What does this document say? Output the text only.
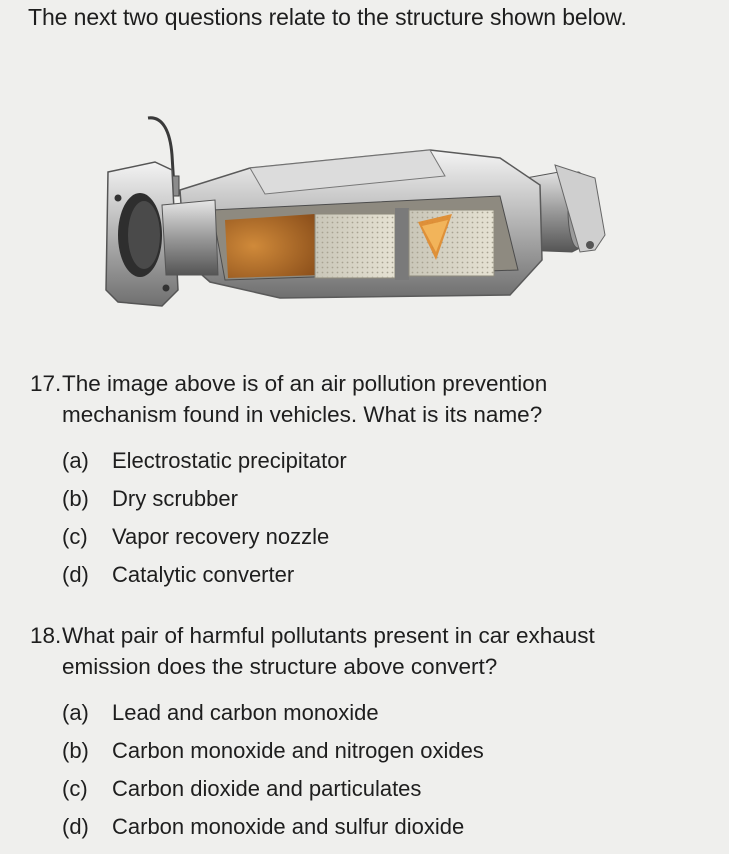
The next two questions relate to the structure shown below.
17.The image above is of an air pollution prevention
mechanism found in vehicles. What is its name?
(a)	Electrostatic precipitator
(b)	Dry scrubber
(c)	Vapor recovery nozzle
(d)	Catalytic converter
18.What pair of harmful pollutants present in car exhaust
emission does the structure above convert?
(a)	Lead and carbon monoxide
(b)	Carbon monoxide and nitrogen oxides
(c)	Carbon dioxide and particulates
(d)	Carbon monoxide and sulfur dioxide
